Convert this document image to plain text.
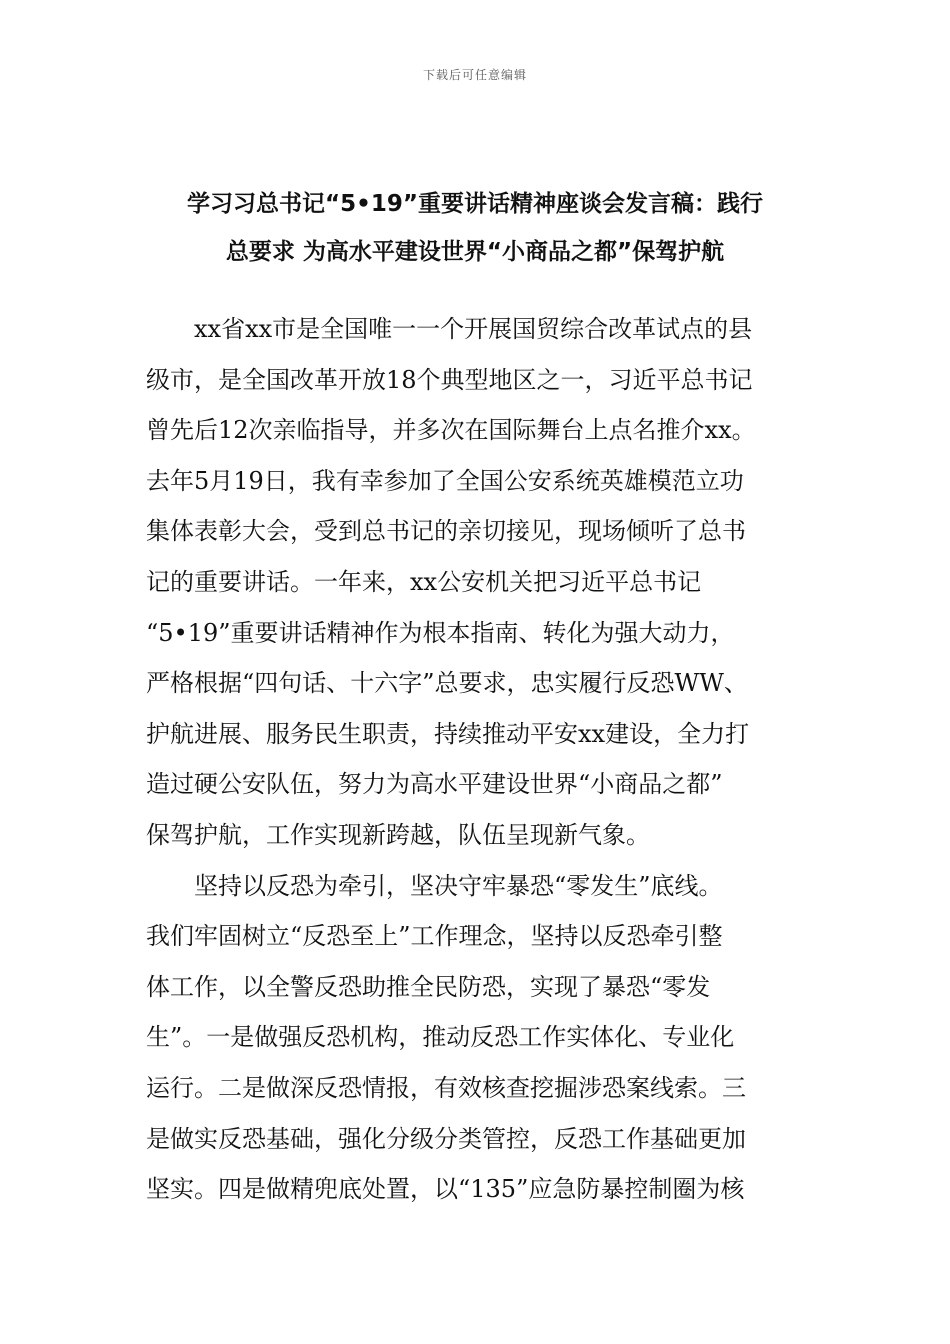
下载后可任意编辑
学习习总书记“5•19”重要讲话精神座谈会发言稿：践行
总要求 为高水平建设世界“小商品之都”保驾护航
xx省xx市是全国唯一一个开展国贸综合改革试点的县
级市，是全国改革开放18个典型地区之一，习近平总书记
曾先后12次亲临指导，并多次在国际舞台上点名推介xx。
去年5月19日，我有幸参加了全国公安系统英雄模范立功
集体表彰大会，受到总书记的亲切接见，现场倾听了总书
记的重要讲话。一年来，xx公安机关把习近平总书记
“5•19”重要讲话精神作为根本指南、转化为强大动力，
严格根据“四句话、十六字”总要求，忠实履行反恐WW、
护航进展、服务民生职责，持续推动平安xx建设，全力打
造过硬公安队伍，努力为高水平建设世界“小商品之都”
保驾护航，工作实现新跨越，队伍呈现新气象。
坚持以反恐为牵引，坚决守牢暴恐“零发生”底线。
我们牢固树立“反恐至上”工作理念，坚持以反恐牵引整
体工作，以全警反恐助推全民防恐，实现了暴恐“零发
生”。一是做强反恐机构，推动反恐工作实体化、专业化
运行。二是做深反恐情报，有效核查挖掘涉恐案线索。三
是做实反恐基础，强化分级分类管控，反恐工作基础更加
坚实。四是做精兜底处置，以“135”应急防暴控制圈为核
